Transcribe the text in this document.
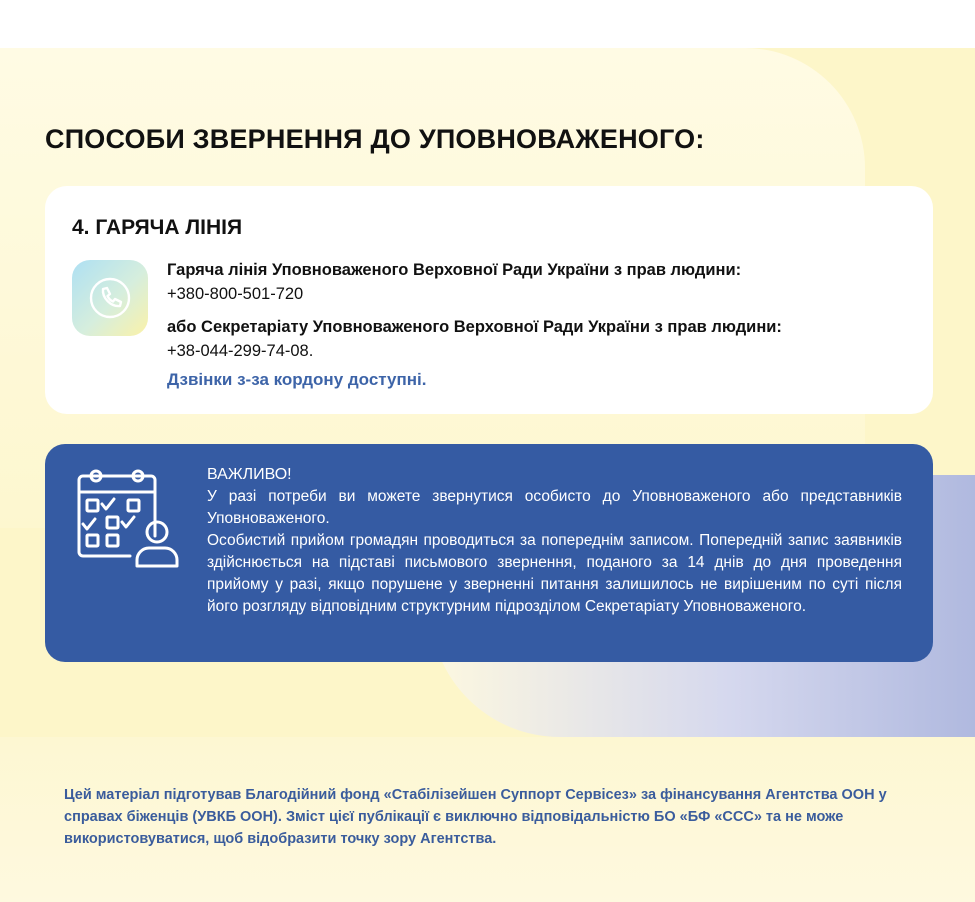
СПОСОБИ ЗВЕРНЕННЯ ДО УПОВНОВАЖЕНОГО:
4. ГАРЯЧА ЛІНІЯ
Гаряча лінія Уповноваженого Верховної Ради України з прав людини:
+380-800-501-720
або Секретаріату Уповноваженого Верховної Ради України з прав людини:
+38-044-299-74-08.
Дзвінки з-за кордону доступні.
ВАЖЛИВО!
У разі потреби ви можете звернутися особисто до Уповноваженого або представників Уповноваженого.
Особистий прийом громадян проводиться за попереднім записом. Попередній запис заявників здійснюється на підставі письмового звернення, поданого за 14 днів до дня проведення прийому у разі, якщо порушене у зверненні питання залишилось не вирішеним по суті після його розгляду відповідним структурним підрозділом Секретаріату Уповноваженого.

Цей матеріал підготував Благодійний фонд «Стабілізейшен Суппорт Сервісез» за фінансування Агентства ООН у справах біженців (УВКБ ООН). Зміст цієї публікації є виключно відповідальністю БО «БФ «ССС» та не може використовуватися, щоб відобразити точку зору Агентства.
